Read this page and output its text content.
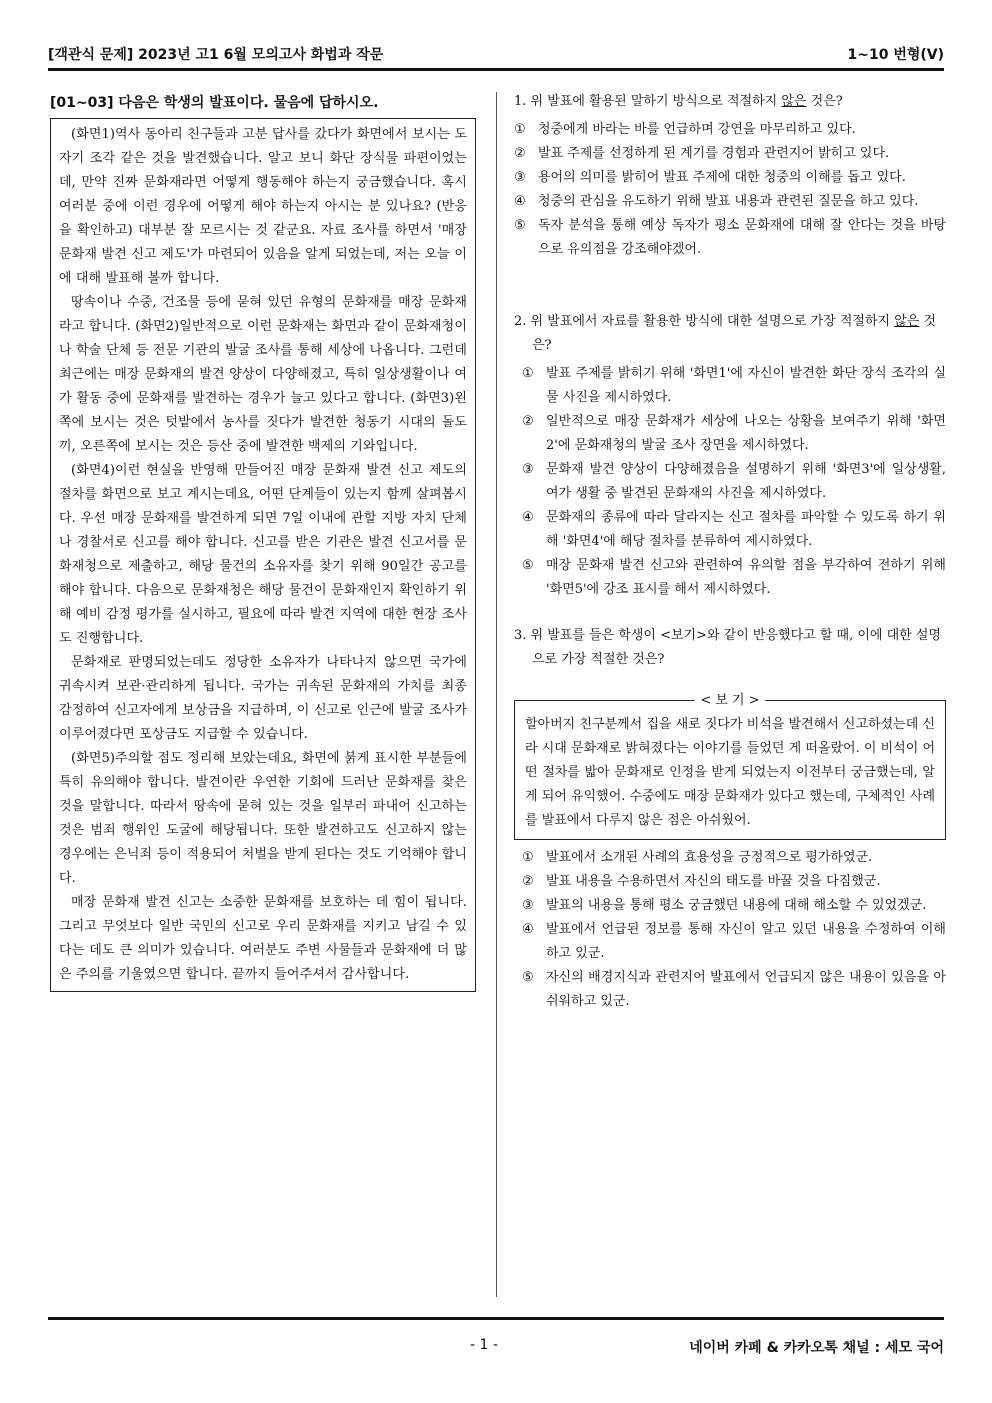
[객관식 문제] 2023년 고1 6월 모의고사 화법과 작문	1~10 번형(V)
[01~03] 다음은 학생의 발표이다. 물음에 답하시오.

(화면1)역사 동아리 친구들과 고분 답사를 갔다가 화면에서 보시는 도자기 조각 같은 것을 발견했습니다. 알고 보니 화단 장식물 파편이었는데, 만약 진짜 문화재라면 어떻게 행동해야 하는지 궁금했습니다. 혹시 여러분 중에 이런 경우에 어떻게 해야 하는지 아시는 분 있나요? (반응을 확인하고) 대부분 잘 모르시는 것 같군요. 자료 조사를 하면서 '매장 문화재 발견 신고 제도'가 마련되어 있음을 알게 되었는데, 저는 오늘 이에 대해 발표해 볼까 합니다.

땅속이나 수중, 건조물 등에 묻혀 있던 유형의 문화재를 매장 문화재라고 합니다. (화면2)일반적으로 이런 문화재는 화면과 같이 문화재청이나 학술 단체 등 전문 기관의 발굴 조사를 통해 세상에 나옵니다. 그런데 최근에는 매장 문화재의 발견 양상이 다양해졌고, 특히 일상생활이나 여가 활동 중에 문화재를 발견하는 경우가 늘고 있다고 합니다. (화면3)왼쪽에 보시는 것은 텃밭에서 농사를 짓다가 발견한 청동기 시대의 돌도끼, 오른쪽에 보시는 것은 등산 중에 발견한 백제의 기와입니다.

(화면4)이런 현실을 반영해 만들어진 매장 문화재 발견 신고 제도의 절차를 화면으로 보고 계시는데요, 어떤 단계들이 있는지 함께 살펴봅시다. 우선 매장 문화재를 발견하게 되면 7일 이내에 관할 지방 자치 단체나 경찰서로 신고를 해야 합니다. 신고를 받은 기관은 발견 신고서를 문화재청으로 제출하고, 해당 물건의 소유자를 찾기 위해 90일간 공고를 해야 합니다. 다음으로 문화재청은 해당 물건이 문화재인지 확인하기 위해 예비 감정 평가를 실시하고, 필요에 따라 발견 지역에 대한 현장 조사도 진행합니다.

문화재로 판명되었는데도 정당한 소유자가 나타나지 않으면 국가에 귀속시켜 보관·관리하게 됩니다. 국가는 귀속된 문화재의 가치를 최종 감정하여 신고자에게 보상금을 지급하며, 이 신고로 인근에 발굴 조사가 이루어졌다면 포상금도 지급할 수 있습니다.

(화면5)주의할 점도 정리해 보았는데요, 화면에 붉게 표시한 부분들에 특히 유의해야 합니다. 발견이란 우연한 기회에 드러난 문화재를 찾은 것을 말합니다. 따라서 땅속에 묻혀 있는 것을 일부러 파내어 신고하는 것은 범죄 행위인 도굴에 해당됩니다. 또한 발견하고도 신고하지 않는 경우에는 은닉죄 등이 적용되어 처벌을 받게 된다는 것도 기억해야 합니다.

매장 문화재 발견 신고는 소중한 문화재를 보호하는 데 힘이 됩니다. 그리고 무엇보다 일반 국민의 신고로 우리 문화재를 지키고 남길 수 있다는 데도 큰 의미가 있습니다. 여러분도 주변 사물들과 문화재에 더 많은 주의를 기울였으면 합니다. 끝까지 들어주셔서 감사합니다.

1. 위 발표에 활용된 말하기 방식으로 적절하지 않은 것은?

① 청중에게 바라는 바를 언급하며 강연을 마무리하고 있다.
② 발표 주제를 선정하게 된 계기를 경험과 관련지어 밝히고 있다.
③ 용어의 의미를 밝히어 발표 주제에 대한 청중의 이해를 돕고 있다.
④ 청중의 관심을 유도하기 위해 발표 내용과 관련된 질문을 하고 있다.
⑤ 독자 분석을 통해 예상 독자가 평소 문화재에 대해 잘 안다는 것을 바탕으로 유의점을 강조해야겠어.

2. 위 발표에서 자료를 활용한 방식에 대한 설명으로 가장 적절하지 않은 것은?

① 발표 주제를 밝히기 위해 '화면1'에 자신이 발견한 화단 장식 조각의 실물 사진을 제시하였다.
② 일반적으로 매장 문화재가 세상에 나오는 상황을 보여주기 위해 '화면2'에 문화재청의 발굴 조사 장면을 제시하였다.
③ 문화재 발견 양상이 다양해졌음을 설명하기 위해 '화면3'에 일상생활, 여가 생활 중 발견된 문화재의 사진을 제시하였다.
④ 문화재의 종류에 따라 달라지는 신고 절차를 파악할 수 있도록 하기 위해 '화면4'에 해당 절차를 분류하여 제시하였다.
⑤ 매장 문화재 발견 신고와 관련하여 유의할 점을 부각하여 전하기 위해 '화면5'에 강조 표시를 해서 제시하였다.

3. 위 발표를 들은 학생이 <보기>와 같이 반응했다고 할 때, 이에 대한 설명으로 가장 적절한 것은?

< 보 기 >
할아버지 친구분께서 집을 새로 짓다가 비석을 발견해서 신고하셨는데 신라 시대 문화재로 밝혀졌다는 이야기를 들었던 게 떠올랐어. 이 비석이 어떤 절차를 밟아 문화재로 인정을 받게 되었는지 이전부터 궁금했는데, 알게 되어 유익했어. 수중에도 매장 문화재가 있다고 했는데, 구체적인 사례를 발표에서 다루지 않은 점은 아쉬웠어.
① 발표에서 소개된 사례의 효용성을 긍정적으로 평가하였군.
② 발표 내용을 수용하면서 자신의 태도를 바꿀 것을 다짐했군.
③ 발표의 내용을 통해 평소 궁금했던 내용에 대해 해소할 수 있었겠군.
④ 발표에서 언급된 정보를 통해 자신이 알고 있던 내용을 수정하여 이해하고 있군.
⑤ 자신의 배경지식과 관련지어 발표에서 언급되지 않은 내용이 있음을 아쉬워하고 있군.
- 1 -	네이버 카페 & 카카오톡 채널 : 세모 국어
